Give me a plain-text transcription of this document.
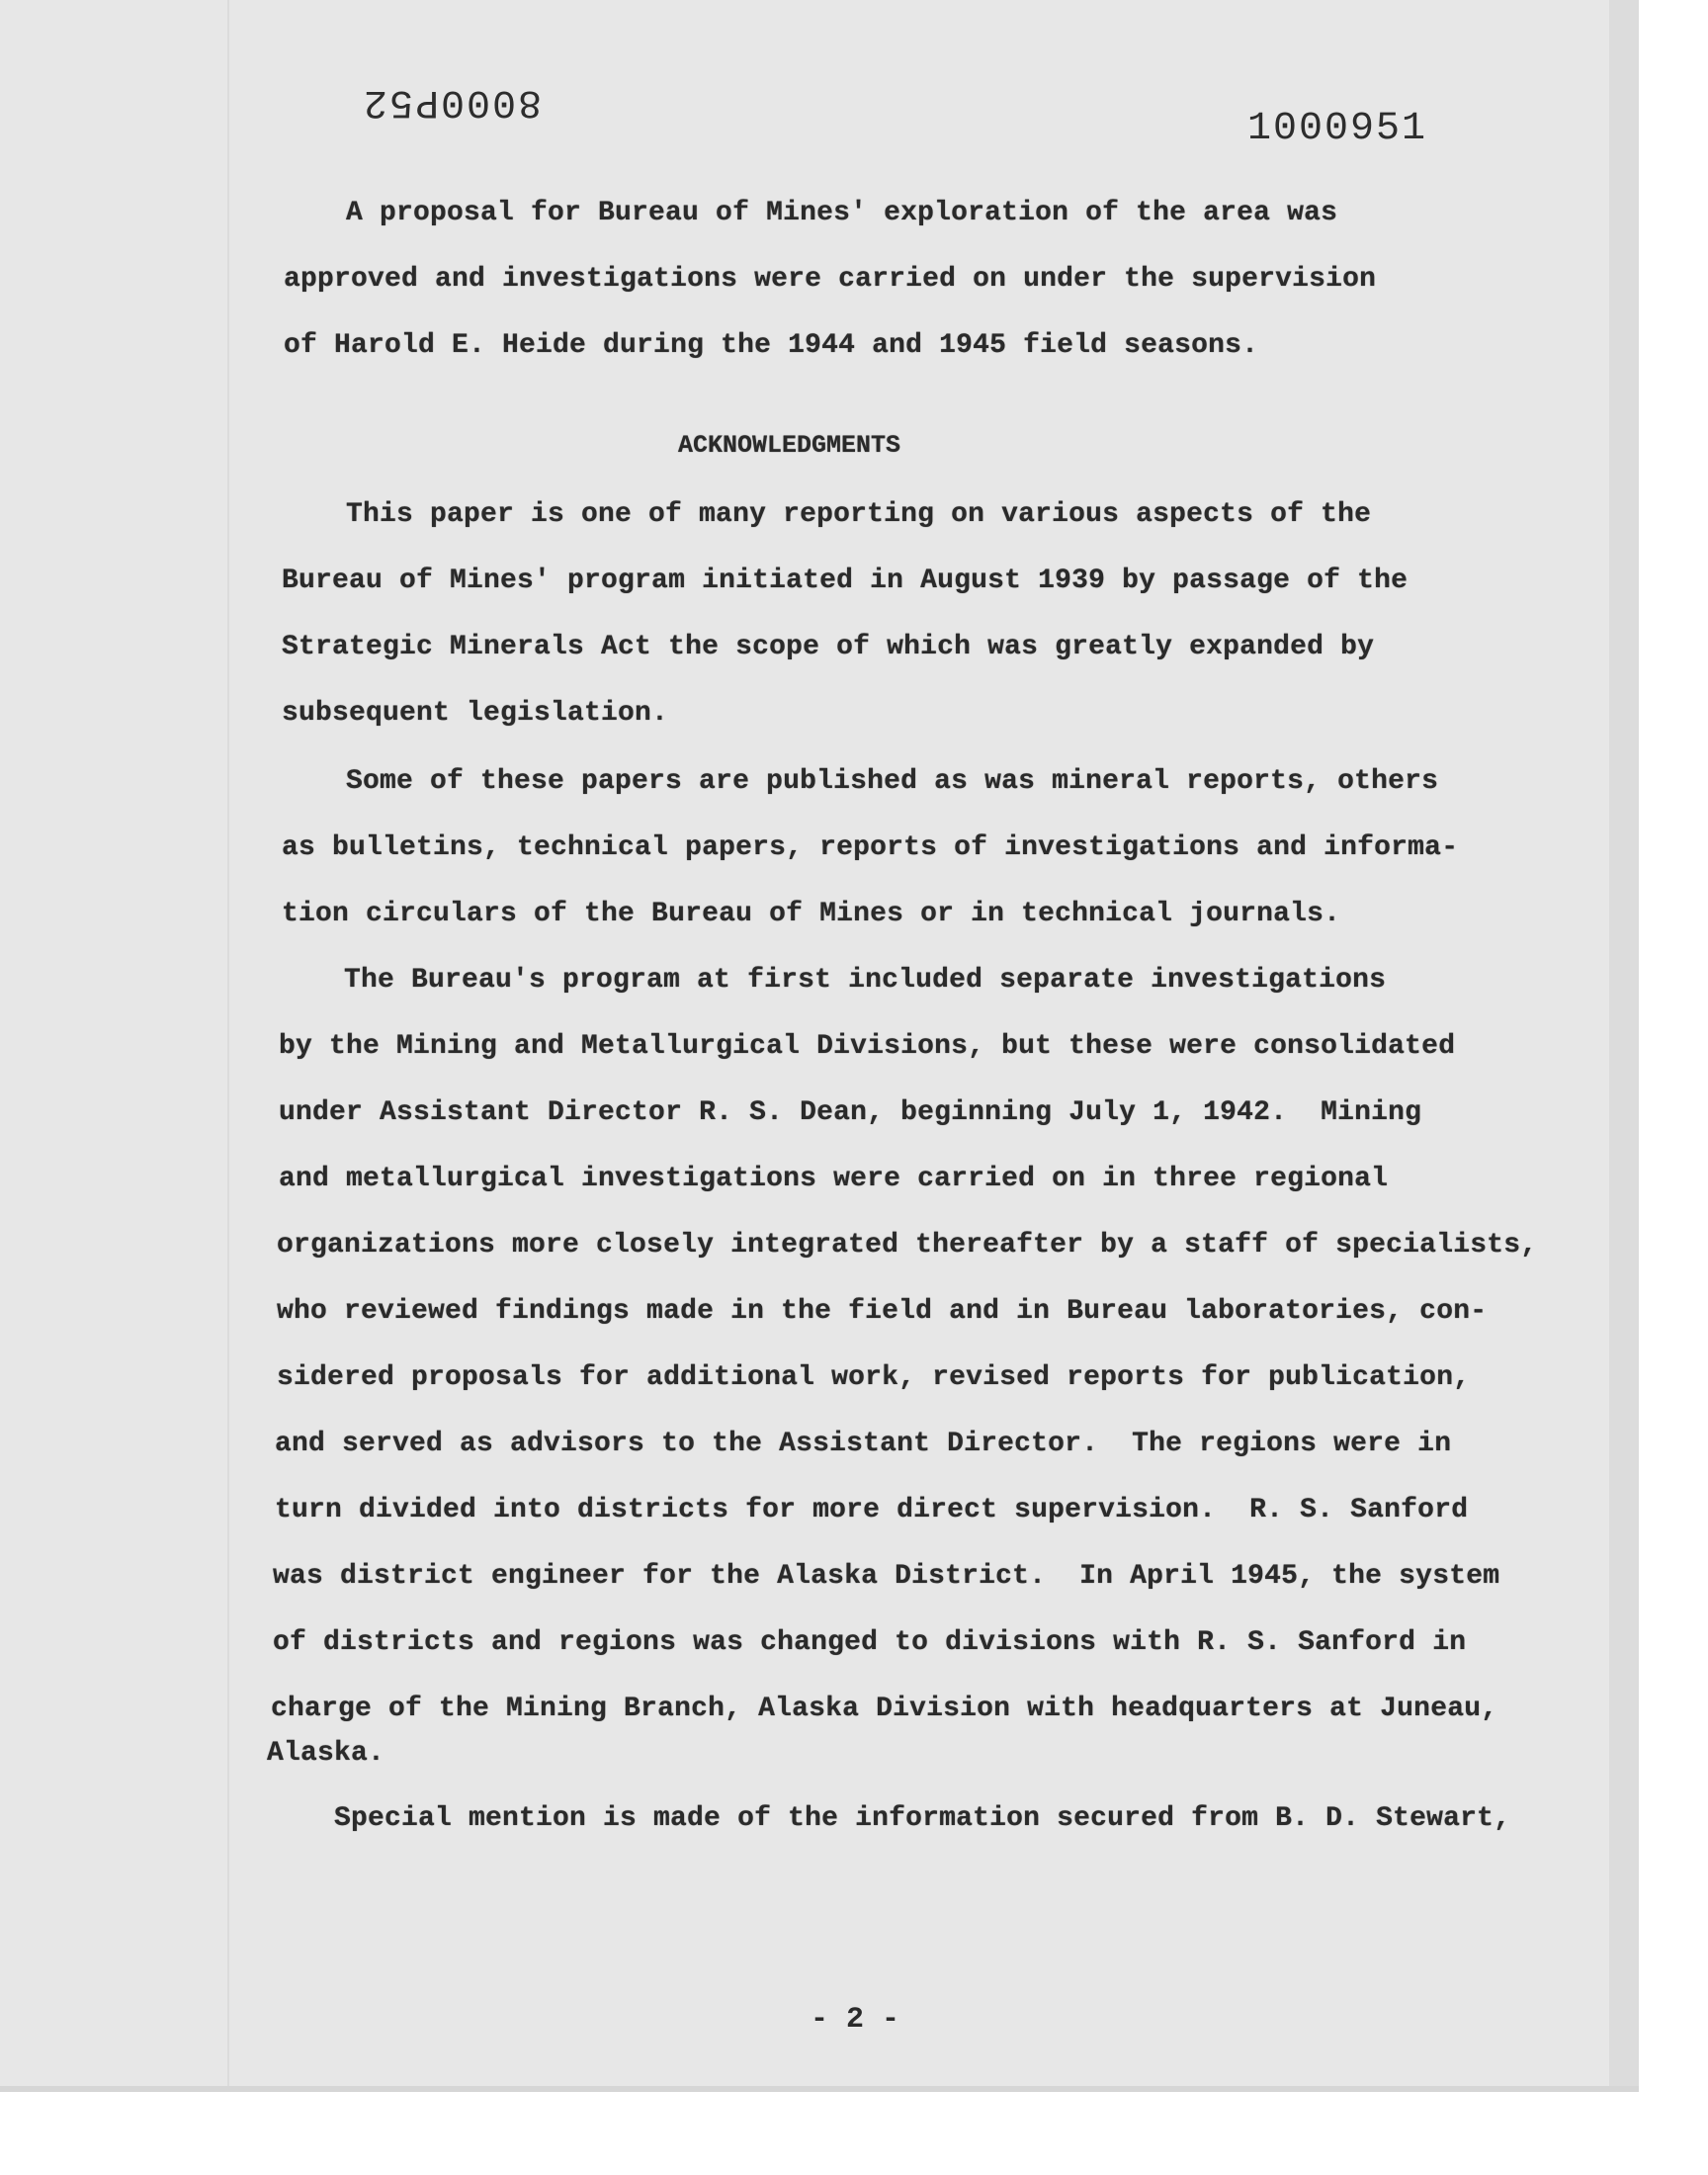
8000P52
1000951
A proposal for Bureau of Mines' exploration of the area was
approved and investigations were carried on under the supervision
of Harold E. Heide during the 1944 and 1945 field seasons.
ACKNOWLEDGMENTS
This paper is one of many reporting on various aspects of the
Bureau of Mines' program initiated in August 1939 by passage of the
Strategic Minerals Act the scope of which was greatly expanded by
subsequent legislation.
Some of these papers are published as was mineral reports, others
as bulletins, technical papers, reports of investigations and informa-
tion circulars of the Bureau of Mines or in technical journals.
The Bureau's program at first included separate investigations
by the Mining and Metallurgical Divisions, but these were consolidated
under Assistant Director R. S. Dean, beginning July 1, 1942.  Mining
and metallurgical investigations were carried on in three regional
organizations more closely integrated thereafter by a staff of specialists,
who reviewed findings made in the field and in Bureau laboratories, con-
sidered proposals for additional work, revised reports for publication,
and served as advisors to the Assistant Director.  The regions were in
turn divided into districts for more direct supervision.  R. S. Sanford
was district engineer for the Alaska District.  In April 1945, the system
of districts and regions was changed to divisions with R. S. Sanford in
charge of the Mining Branch, Alaska Division with headquarters at Juneau,
Alaska.
Special mention is made of the information secured from B. D. Stewart,
- 2 -
